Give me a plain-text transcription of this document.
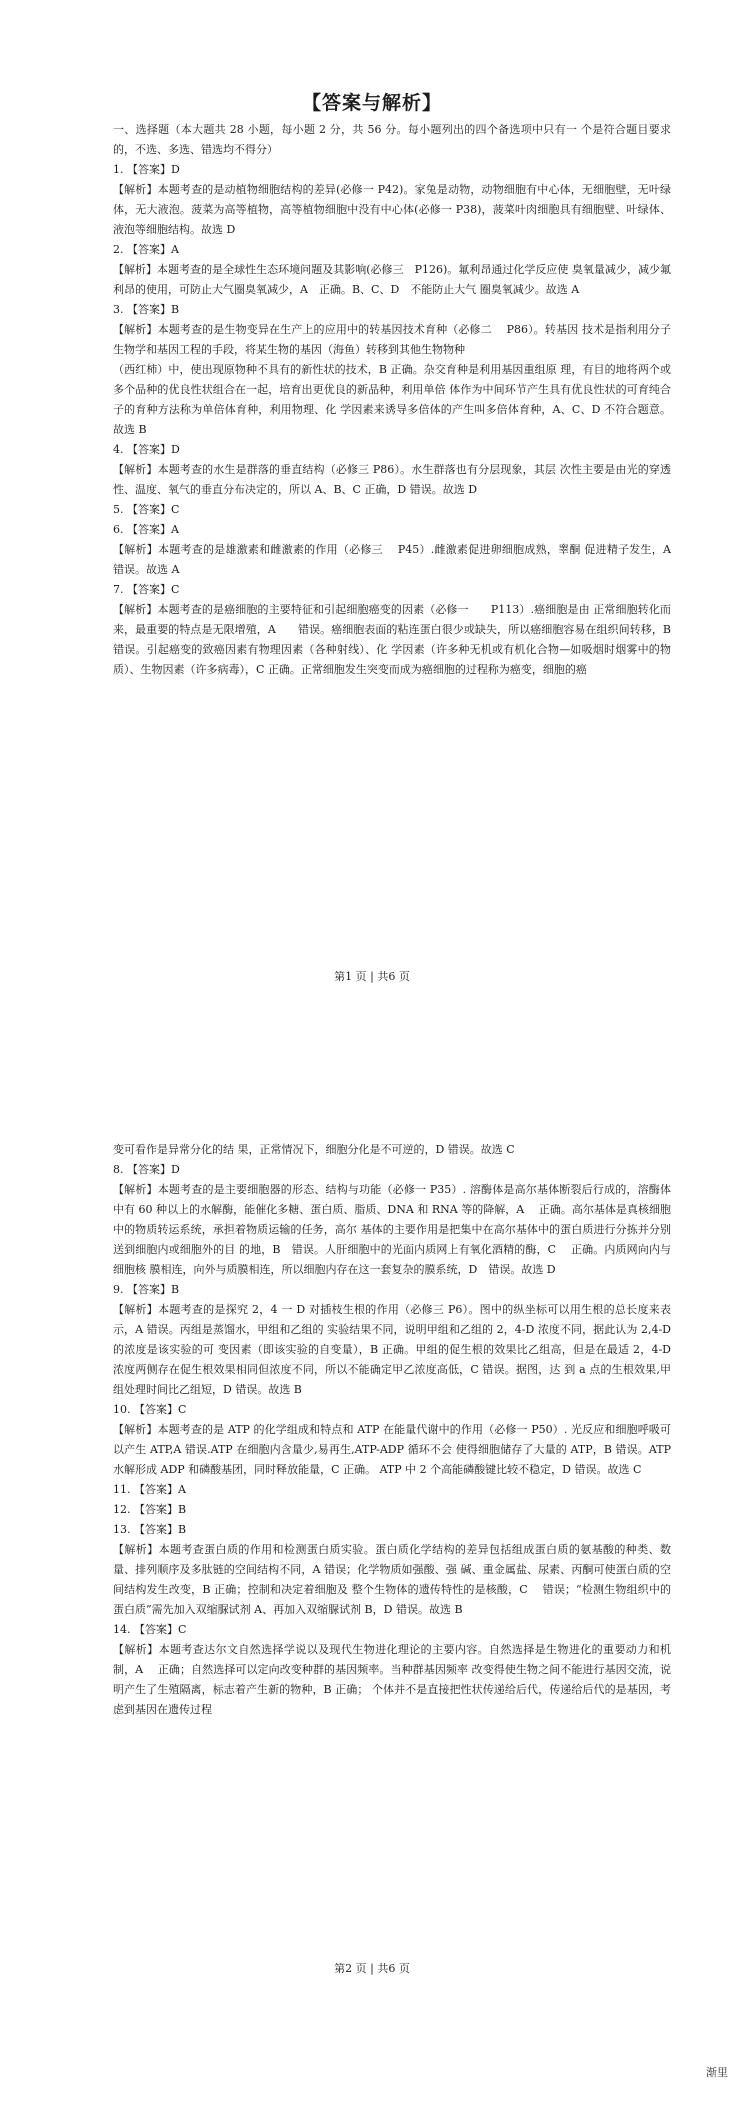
【答案与解析】

一、选择题（本大题共 28 小题，每小题 2 分，共 56 分。每小题列出的四个备选项中只有一 个是符合题目要求的，不选、多选、错选均不得分）

1. 【答案】D

【解析】本题考查的是动植物细胞结构的差异(必修一 P42)。家兔是动物，动物细胞有中心体，无细胞壁，无叶绿体，无大液泡。菠菜为高等植物，高等植物细胞中没有中心体(必修一 P38)，菠菜叶肉细胞具有细胞壁、叶绿体、液泡等细胞结构。故选 D

2. 【答案】A

【解析】本题考查的是全球性生态环境问题及其影响(必修三　P126)。氟利昂通过化学反应使 臭氧量减少，减少氟利昂的使用，可防止大气圈臭氧减少，A　正确。B、C、D　不能防止大气 圈臭氧减少。故选 A

3. 【答案】B

【解析】本题考查的是生物变异在生产上的应用中的转基因技术育种（必修二　 P86）。转基因 技术是指利用分子生物学和基因工程的手段，将某生物的基因（海鱼）转移到其他生物物种

（西红柿）中，使出现原物种不具有的新性状的技术，B 正确。杂交育种是利用基因重组原 理，有目的地将两个或多个品种的优良性状组合在一起，培育出更优良的新品种，利用单倍 体作为中间环节产生具有优良性状的可育纯合子的育种方法称为单倍体育种，利用物理、化 学因素来诱导多倍体的产生叫多倍体育种，A、C、D 不符合题意。故选 B

4. 【答案】D

【解析】本题考查的水生是群落的垂直结构（必修三 P86）。水生群落也有分层现象，其层 次性主要是由光的穿透性、温度、氧气的垂直分布决定的，所以 A、B、C 正确，D 错误。故选 D

5. 【答案】C

6. 【答案】A

【解析】本题考查的是雄激素和雌激素的作用（必修三　 P45）.雌激素促进卵细胞成熟，睾酮 促进精子发生，A 错误。故选 A

7. 【答案】C

【解析】本题考查的是癌细胞的主要特征和引起细胞癌变的因素（必修一　　P113）.癌细胞是由 正常细胞转化而来，最重要的特点是无限增殖，A　　错误。癌细胞表面的粘连蛋白很少或缺失，所以癌细胞容易在组织间转移，B　 错误。引起癌变的致癌因素有物理因素（各种射线）、化 学因素（许多种无机或有机化合物—如吸烟时烟雾中的物质）、生物因素（许多病毒），C 正确。正常细胞发生突变而成为癌细胞的过程称为癌变，细胞的癌

第1 页 | 共6 页

变可看作是异常分化的结 果，正常情况下，细胞分化是不可逆的，D 错误。故选 C

8. 【答案】D

【解析】本题考查的是主要细胞器的形态、结构与功能（必修一 P35）. 溶酶体是高尔基体断裂后行成的，溶酶体中有 60 种以上的水解酶，能催化多糖、蛋白质、脂质、DNA 和 RNA 等的降解，A　 正确。高尔基体是真核细胞中的物质转运系统，承担着物质运输的任务，高尔 基体的主要作用是把集中在高尔基体中的蛋白质进行分拣并分别送到细胞内或细胞外的目 的地，B　错误。人肝细胞中的光面内质网上有氧化酒精的酶，C　 正确。内质网向内与细胞核 膜相连，向外与质膜相连，所以细胞内存在这一套复杂的膜系统，D　错误。故选 D

9. 【答案】B

【解析】本题考查的是探究 2，4 一 D 对插枝生根的作用（必修三 P6）。图中的纵坐标可以用生根的总长度来表示，A 错误。丙组是蒸馏水，甲组和乙组的 实验结果不同，说明甲组和乙组的 2，4-D 浓度不同，据此认为 2,4-D 的浓度是该实验的可 变因素（即该实验的自变量），B 正确。甲组的促生根的效果比乙组高，但是在最适 2，4-D 浓度两侧存在促生根效果相同但浓度不同，所以不能确定甲乙浓度高低，C 错误。据图，达 到 a 点的生根效果,甲组处理时间比乙组短，D 错误。故选 B

10. 【答案】C

【解析】本题考查的是 ATP 的化学组成和特点和 ATP 在能量代谢中的作用（必修一 P50）. 光反应和细胞呼吸可以产生 ATP,A 错误.ATP 在细胞内含量少,易再生,ATP-ADP 循环不会 使得细胞储存了大量的 ATP，B 错误。ATP 水解形成 ADP 和磷酸基团，同时释放能量，C 正确。 ATP 中 2 个高能磷酸键比较不稳定，D 错误。故选 C

11. 【答案】A

12. 【答案】B

13. 【答案】B

【解析】本题考查蛋白质的作用和检测蛋白质实验。蛋白质化学结构的差异包括组成蛋白质的氨基酸的种类、数量、排列顺序及多肽链的空间结构不同，A 错误；化学物质如强酸、强 碱、重金属盐、尿素、丙酮可使蛋白质的空间结构发生改变，B 正确；控制和决定着细胞及 整个生物体的遗传特性的是核酸，C　 错误；“检测生物组织中的蛋白质”需先加入双缩脲试剂 A、再加入双缩脲试剂 B，D 错误。故选 B

14. 【答案】C

【解析】本题考查达尔文自然选择学说以及现代生物进化理论的主要内容。自然选择是生物进化的重要动力和机制，A　 正确；自然选择可以定向改变种群的基因频率。当种群基因频率 改变得使生物之间不能进行基因交流，说明产生了生殖隔离，标志着产生新的物种，B 正确； 个体并不是直接把性状传递给后代，传递给后代的是基因，考虑到基因在遗传过程

第2 页 | 共6 页
渐里
